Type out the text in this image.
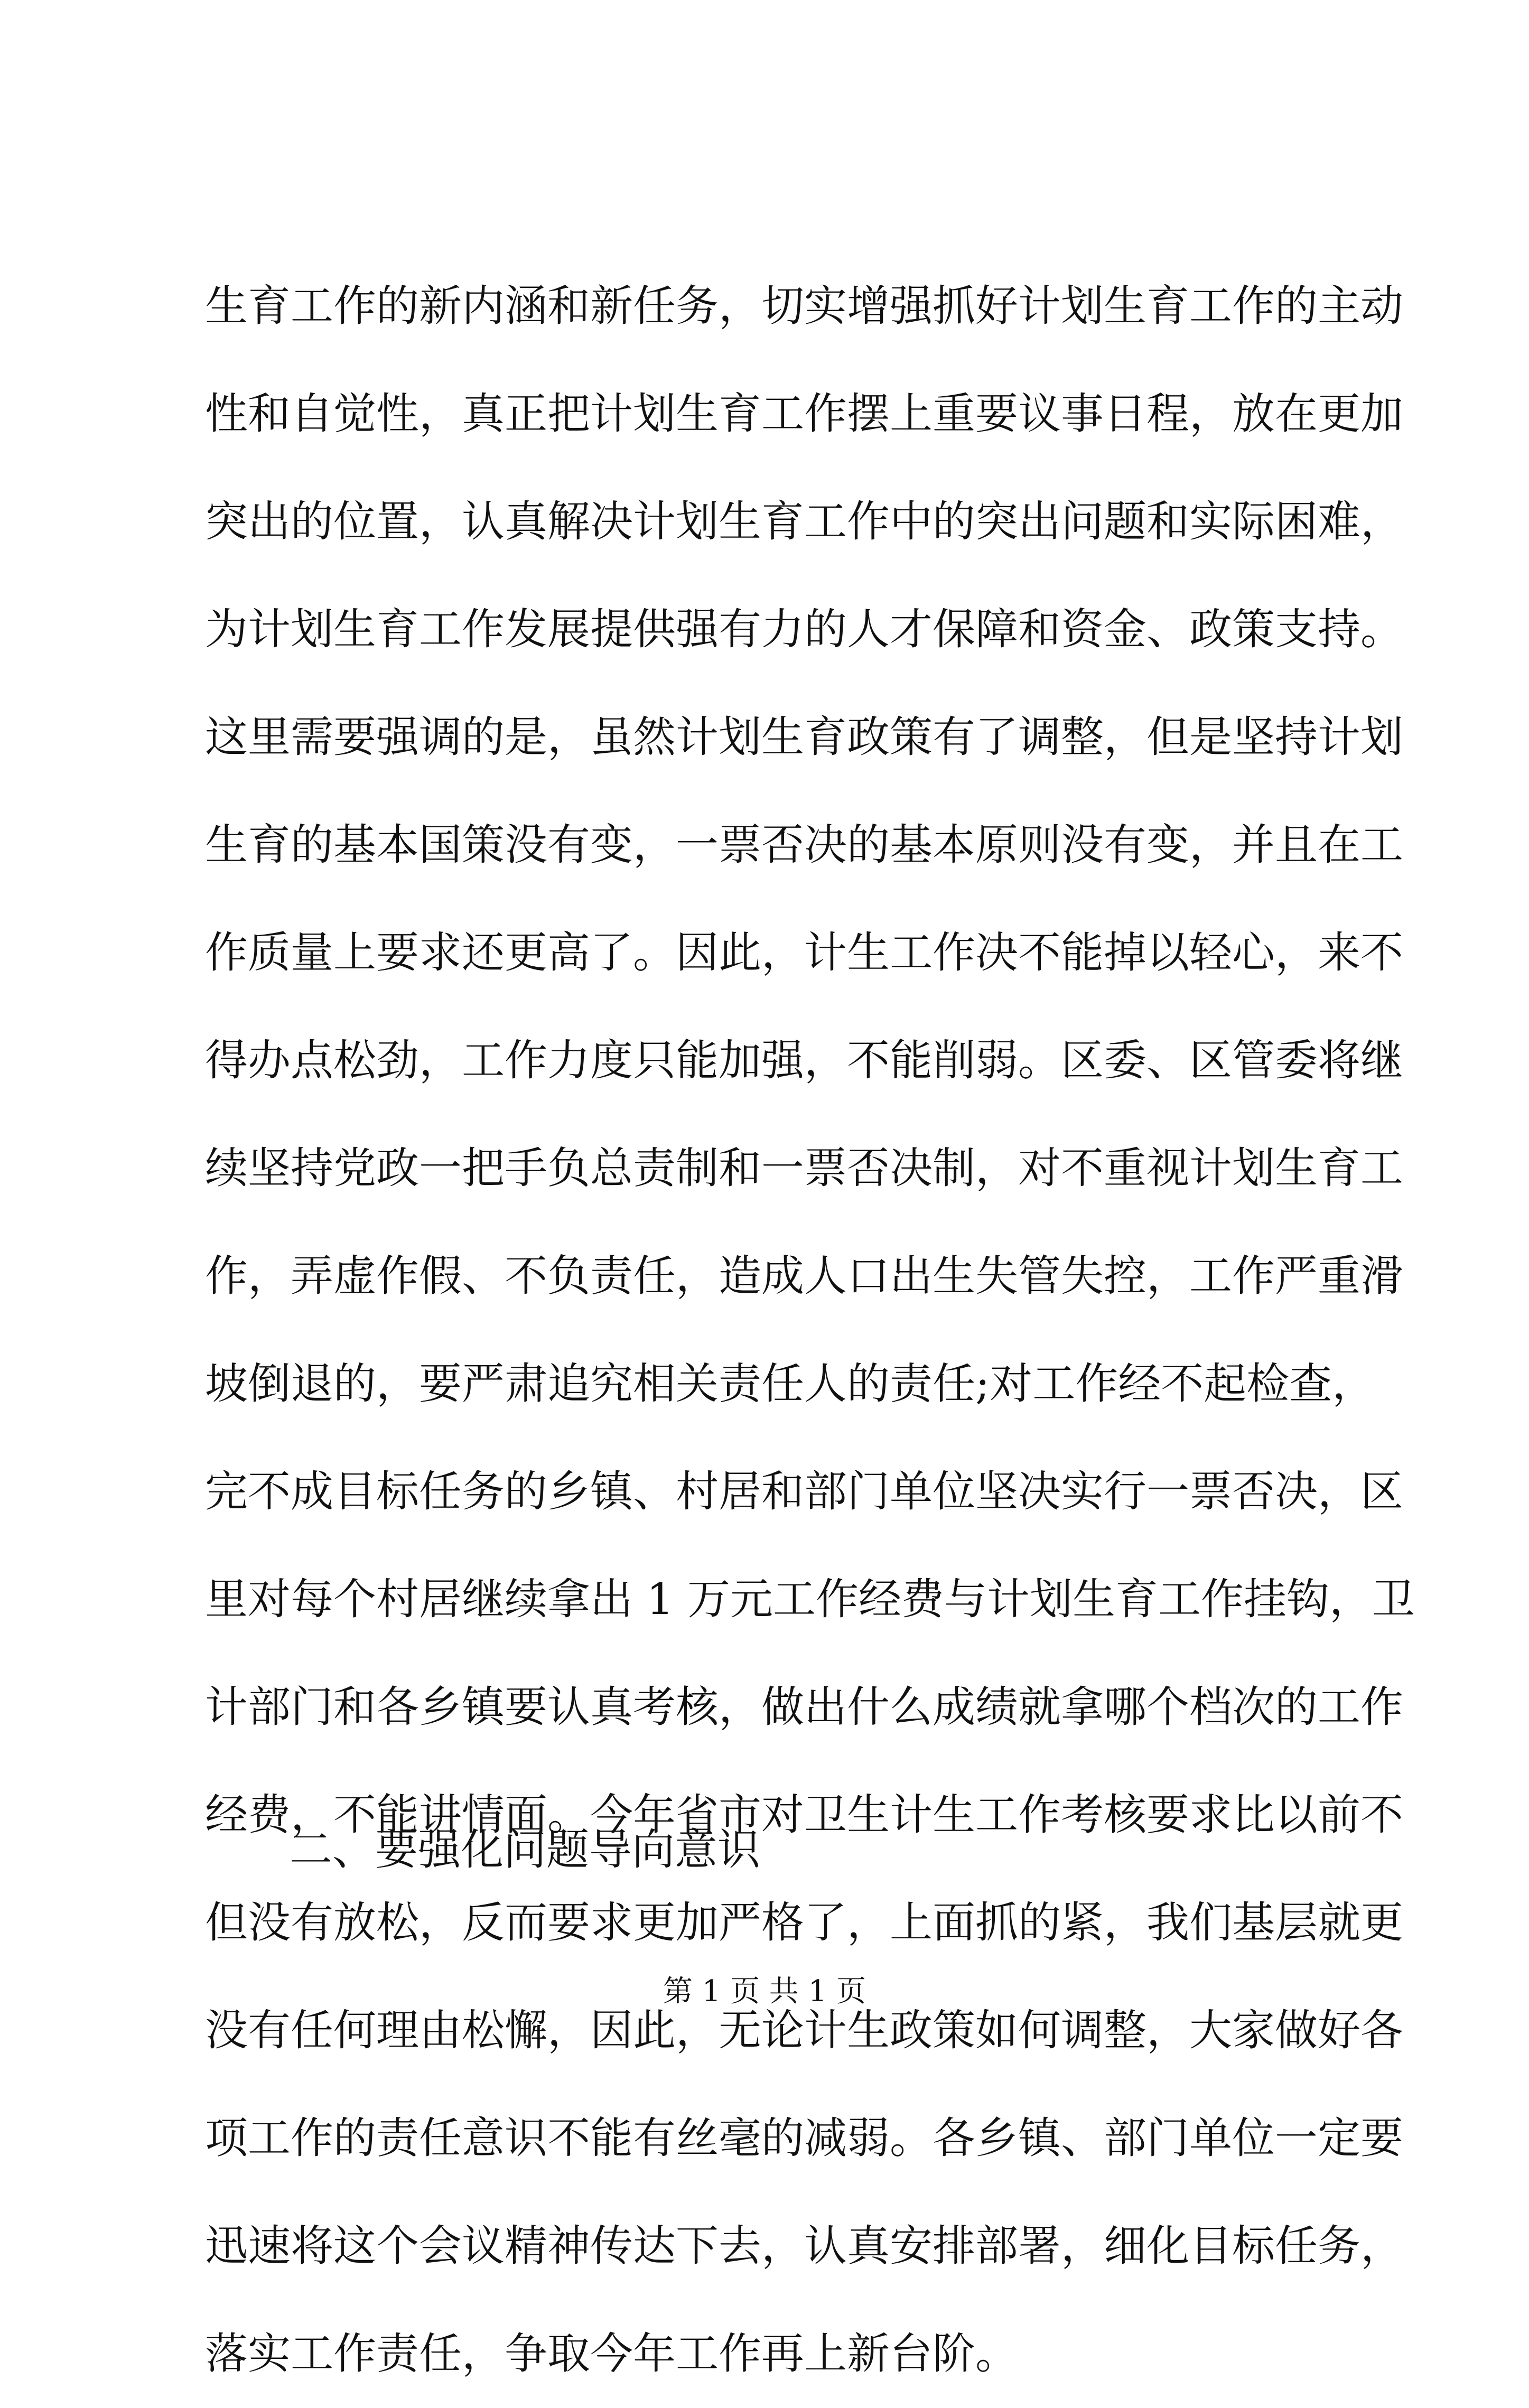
生育工作的新内涵和新任务，切实增强抓好计划生育工作的主动
性和自觉性，真正把计划生育工作摆上重要议事日程，放在更加
突出的位置，认真解决计划生育工作中的突出问题和实际困难，
为计划生育工作发展提供强有力的人才保障和资金、政策支持。
这里需要强调的是，虽然计划生育政策有了调整，但是坚持计划
生育的基本国策没有变，一票否决的基本原则没有变，并且在工
作质量上要求还更高了。因此，计生工作决不能掉以轻心，来不
得办点松劲，工作力度只能加强，不能削弱。区委、区管委将继
续坚持党政一把手负总责制和一票否决制，对不重视计划生育工
作，弄虚作假、不负责任，造成人口出生失管失控，工作严重滑
坡倒退的，要严肃追究相关责任人的责任;对工作经不起检查，
完不成目标任务的乡镇、村居和部门单位坚决实行一票否决，区
里对每个村居继续拿出 1 万元工作经费与计划生育工作挂钩，卫
计部门和各乡镇要认真考核，做出什么成绩就拿哪个档次的工作
经费，不能讲情面。今年省市对卫生计生工作考核要求比以前不
但没有放松，反而要求更加严格了，上面抓的紧，我们基层就更
没有任何理由松懈，因此，无论计生政策如何调整，大家做好各
项工作的责任意识不能有丝毫的减弱。各乡镇、部门单位一定要
迅速将这个会议精神传达下去，认真安排部署，细化目标任务，
落实工作责任，争取今年工作再上新台阶。
二、要强化问题导向意识
第 1 页 共 1 页
